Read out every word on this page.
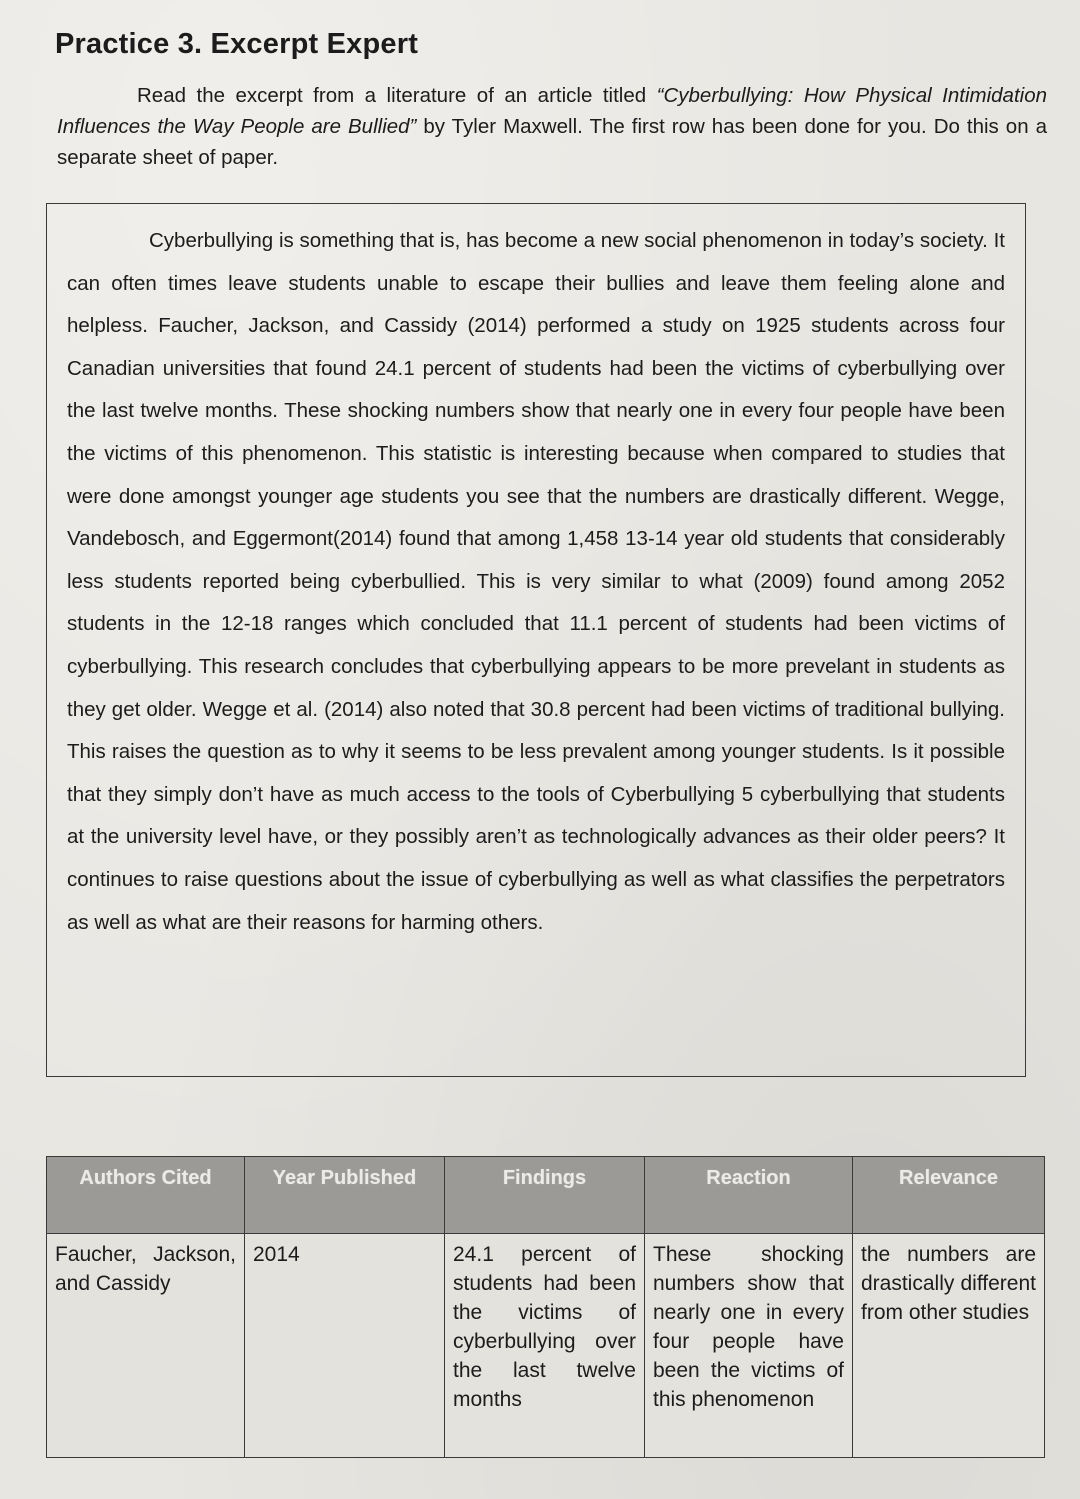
Practice 3. Excerpt Expert
Read the excerpt from a literature of an article titled “Cyberbullying: How Physical Intimidation Influences the Way People are Bullied” by Tyler Maxwell. The first row has been done for you. Do this on a separate sheet of paper.

Cyberbullying is something that is, has become a new social phenomenon in today’s society. It can often times leave students unable to escape their bullies and leave them feeling alone and helpless. Faucher, Jackson, and Cassidy (2014) performed a study on 1925 students across four Canadian universities that found 24.1 percent of students had been the victims of cyberbullying over the last twelve months. These shocking numbers show that nearly one in every four people have been the victims of this phenomenon. This statistic is interesting because when compared to studies that were done amongst younger age students you see that the numbers are drastically different. Wegge, Vandebosch, and Eggermont(2014) found that among 1,458 13-14 year old students that considerably less students reported being cyberbullied. This is very similar to what (2009) found among 2052 students in the 12-18 ranges which concluded that 11.1 percent of students had been victims of cyberbullying. This research concludes that cyberbullying appears to be more prevelant in students as they get older. Wegge et al. (2014) also noted that 30.8 percent had been victims of traditional bullying. This raises the question as to why it seems to be less prevalent among younger students. Is it possible that they simply don’t have as much access to the tools of Cyberbullying 5 cyberbullying that students at the university level have, or they possibly aren’t as technologically advances as their older peers? It continues to raise questions about the issue of cyberbullying as well as what classifies the perpetrators as well as what are their reasons for harming others.

Authors Cited	Year Published	Findings	Reaction	Relevance
Faucher, Jackson, and Cassidy	2014	24.1 percent of students had been the victims of cyberbullying over the last twelve months	These shocking numbers show that nearly one in every four people have been the victims of this phenomenon	the numbers are drastically different from other studies
